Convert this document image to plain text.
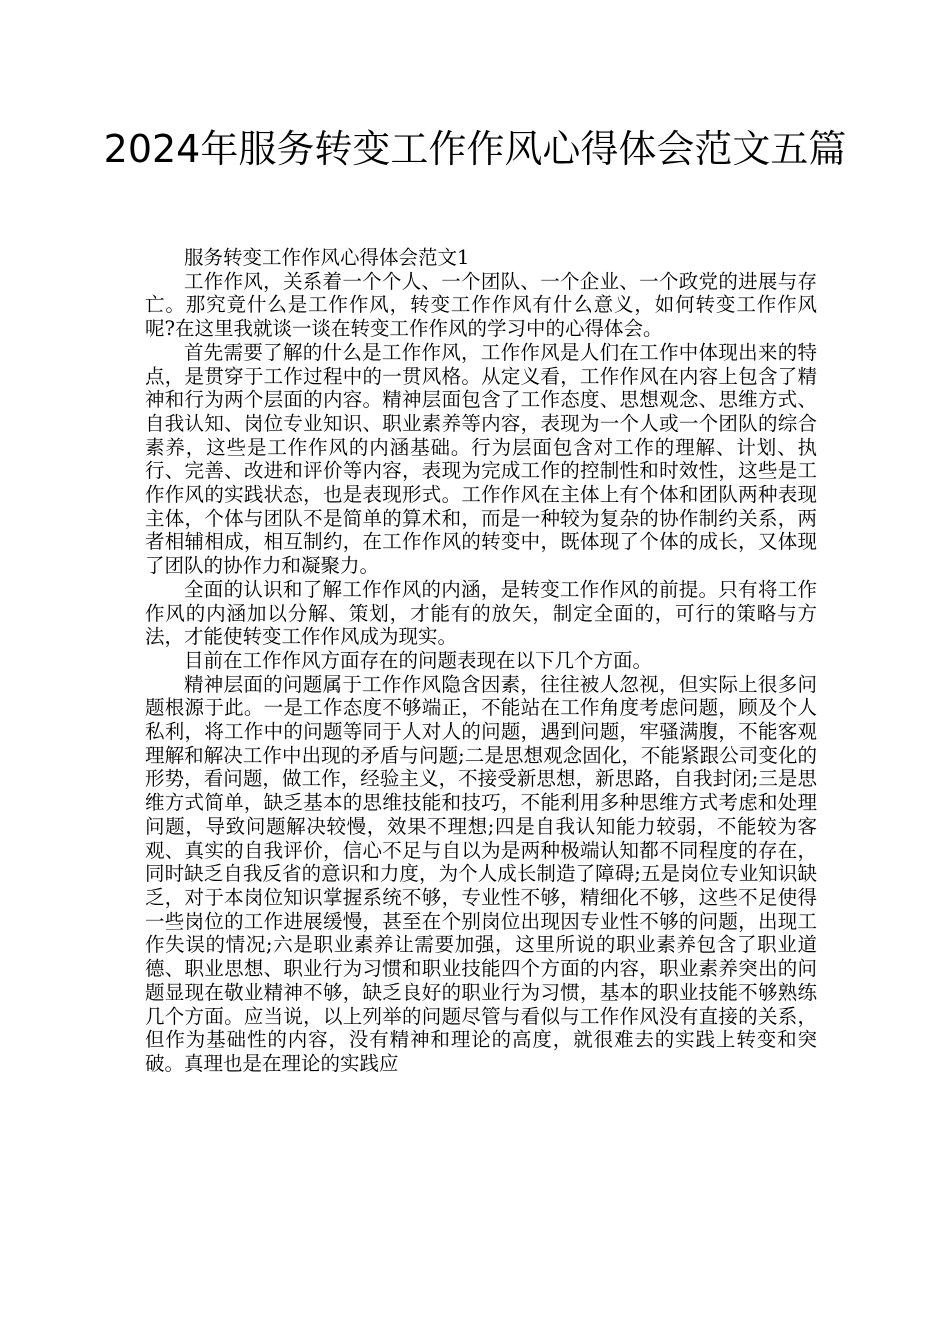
2024年服务转变工作作风心得体会范文五篇

服务转变工作作风心得体会范文1

工作作风，关系着一个个人、一个团队、一个企业、一个政党的进展与存亡。那究竟什么是工作作风，转变工作作风有什么意义，如何转变工作作风呢?在这里我就谈一谈在转变工作作风的学习中的心得体会。

首先需要了解的什么是工作作风，工作作风是人们在工作中体现出来的特点，是贯穿于工作过程中的一贯风格。从定义看，工作作风在内容上包含了精神和行为两个层面的内容。精神层面包含了工作态度、思想观念、思维方式、自我认知、岗位专业知识、职业素养等内容，表现为一个人或一个团队的综合素养，这些是工作作风的内涵基础。行为层面包含对工作的理解、计划、执行、完善、改进和评价等内容，表现为完成工作的控制性和时效性，这些是工作作风的实践状态，也是表现形式。工作作风在主体上有个体和团队两种表现主体，个体与团队不是简单的算术和，而是一种较为复杂的协作制约关系，两者相辅相成，相互制约，在工作作风的转变中，既体现了个体的成长，又体现了团队的协作力和凝聚力。

全面的认识和了解工作作风的内涵，是转变工作作风的前提。只有将工作作风的内涵加以分解、策划，才能有的放矢，制定全面的，可行的策略与方法，才能使转变工作作风成为现实。

目前在工作作风方面存在的问题表现在以下几个方面。

精神层面的问题属于工作作风隐含因素，往往被人忽视，但实际上很多问题根源于此。一是工作态度不够端正，不能站在工作角度考虑问题，顾及个人私利，将工作中的问题等同于人对人的问题，遇到问题，牢骚满腹，不能客观理解和解决工作中出现的矛盾与问题;二是思想观念固化，不能紧跟公司变化的形势，看问题，做工作，经验主义，不接受新思想，新思路，自我封闭;三是思维方式简单，缺乏基本的思维技能和技巧，不能利用多种思维方式考虑和处理问题，导致问题解决较慢，效果不理想;四是自我认知能力较弱，不能较为客观、真实的自我评价，信心不足与自以为是两种极端认知都不同程度的存在，同时缺乏自我反省的意识和力度，为个人成长制造了障碍;五是岗位专业知识缺乏，对于本岗位知识掌握系统不够，专业性不够，精细化不够，这些不足使得一些岗位的工作进展缓慢，甚至在个别岗位出现因专业性不够的问题，出现工作失误的情况;六是职业素养让需要加强，这里所说的职业素养包含了职业道德、职业思想、职业行为习惯和职业技能四个方面的内容，职业素养突出的问题显现在敬业精神不够，缺乏良好的职业行为习惯，基本的职业技能不够熟练几个方面。应当说，以上列举的问题尽管与看似与工作作风没有直接的关系，但作为基础性的内容，没有精神和理论的高度，就很难去的实践上转变和突破。真理也是在理论的实践应
